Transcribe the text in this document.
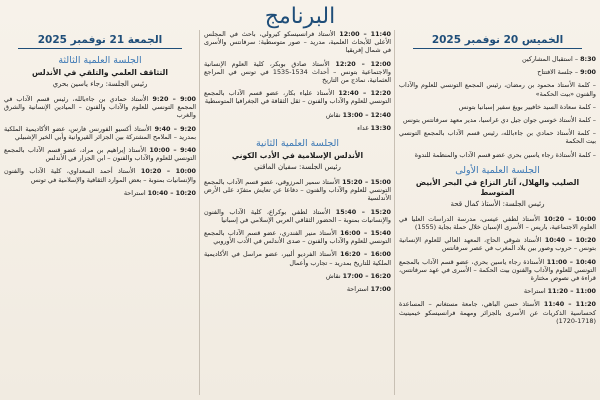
البرنامج
الخميس 20 نوفمبر 2025
8:30 – استقبال المشاركين
9:00 – جلسة الافتتاح
– كلمة الأستاذ محمود بن رمضان، رئيس المجمع التونسي للعلوم والآداب والفنون «بيت الحكمة»
– كلمة سعادة السيد خافيير بويغ سفير إسبانيا بتونس
– كلمة الأستاذ خوسي جوان جيل دي غراسيا، مدير معهد سرفانتس بتونس
– كلمة الأستاذ حمادي بن جاءبالله، رئيس قسم الآداب بالمجمع التونسي بيت الحكمة
– كلمة الأستاذة رجاء ياسين بحري عضو قسم الآداب والمنظمة للندوة
الجلسة العلمية الأولى
الصليب والهلال، آثار النزاع في البحر الأبيض المتوسط
رئيس الجلسة: الأستاذ كمال قحة
10:00 – 10:20 الأستاذ لطفي عيسى، مدرسة الدراسات العليا في العلوم الاجتماعية، باريس – الأسرى الإسبان خلال حملة بجاية (1555)
10:20 – 10:40 الأستاذ شوقي الحاج، المعهد العالي للعلوم الإنسانية بتونس – حروب وصور بين بلاد المغرب في عصر سرفانتس
10:40 – 11:00 الأستاذة رجاء ياسين بحري، عضو قسم الآداب بالمجمع التونسي للعلوم والآداب والفنون بيت الحكمة – الأسرى في عهد سرفانتس، قراءة في نصوص مختارة
11:00 – 11:20 استراحة
11:20 – 11:40 الأستاذ حسن الباهي، جامعة مستغانم – المساعدة كحساسية الذكريات عن الأسرى بالجزائر ومهمة فرانسيسكو خيمينيث (1718-1720)
11:40 – 12:00 الأستاذ فرانسيسكو كيرولي، باحث في المجلس الأعلى للأبحاث العلمية، مدريد – صور متوسطية: سرفانتس والأسرى في شمال إفريقيا
12:00 – 12:20 الأستاذ صادق بوبكر، كلية العلوم الإنسانية والاجتماعية بتونس – أحداث 1534-1535 في تونس في المراجع العثمانية، نماذج من التاريخ
12:20 – 12:40 الأستاذ علياء بكار، عضو قسم الآداب بالمجمع التونسي للعلوم والآداب والفنون – ثقل الثقافة في الجغرافيا المتوسطية
12:40 – 13:00 نقاش
13:30 غداء
الجلسة العلمية الثانية
الأندلس الإسلامية في الأدب الكوني
رئيس الجلسة: سفيان الماقني
15:00 – 15:20 الأستاذ سمير المرزوقي، عضو قسم الآداب بالمجمع التونسي للعلوم والآداب والفنون – دفاعا عن تعايش متفرّد على الأرض الأندلسية
15:20 – 15:40 الأستاذ لطفي بوكراع، كلية الآداب والفنون والإنسانيات بمنوبة – الحضور الثقافي العربي الإسلامي في إسبانيا
15:40 – 16:00 الأستاذ منير الفندري، عضو قسم الآداب بالمجمع التونسي للعلوم والآداب والفنون – صدى الأندلس في الأدب الأوروبي
16:00 – 16:20 الأستاذ الفرديو ألبير، عضو مراسل في الأكاديمية الملكية للتاريخ بمدريد – تجارب وأعمال
16:20 – 17:00 نقاش
17:00 استراحة
الجمعة 21 نوفمبر 2025
الجلسة العلمية الثالثة
التثاقف العلمي والتلقي في الأندلس
رئيس الجلسة: رجاء ياسين بحري
9:00 – 9:20 الأستاذ حمادي بن جاءبالله، رئيس قسم الآداب في المجمع التونسي للعلوم والآداب والفنون – الميادين الإنسانية والشرق والغرب
9:20 – 9:40 الأستاذ أكسيو الفورنس فارس، عضو الأكاديمية الملكية بمدريد – الملامح المشتركة بين الجزائر القيروانية وأبي الخير الإشبيلي
9:40 – 10:00 الأستاذ إبراهيم بن مراد، عضو قسم الآداب بالمجمع التونسي للعلوم والآداب والفنون – ابن الجزار في الأندلس
10:00 – 10:20 الأستاذ أحمد السعداوي، كلية الآداب والفنون والإنسانيات بمنوبة – بعض الموارد الثقافية والإسلامية في تونس
10:20 – 10:40 استراحة
